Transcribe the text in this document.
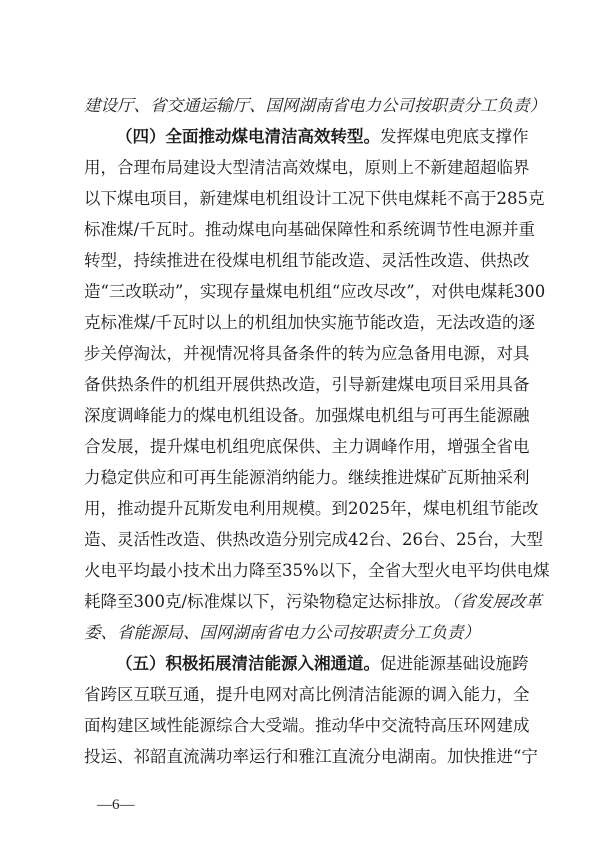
建设厅、省交通运输厅、国网湖南省电力公司按职责分工负责）
（四）全面推动煤电清洁高效转型。发挥煤电兜底支撑作
用，合理布局建设大型清洁高效煤电，原则上不新建超超临界
以下煤电项目，新建煤电机组设计工况下供电煤耗不高于285克
标准煤/千瓦时。推动煤电向基础保障性和系统调节性电源并重
转型，持续推进在役煤电机组节能改造、灵活性改造、供热改
造“三改联动”，实现存量煤电机组“应改尽改”，对供电煤耗300
克标准煤/千瓦时以上的机组加快实施节能改造，无法改造的逐
步关停淘汰，并视情况将具备条件的转为应急备用电源，对具
备供热条件的机组开展供热改造，引导新建煤电项目采用具备
深度调峰能力的煤电机组设备。加强煤电机组与可再生能源融
合发展，提升煤电机组兜底保供、主力调峰作用，增强全省电
力稳定供应和可再生能源消纳能力。继续推进煤矿瓦斯抽采利
用，推动提升瓦斯发电利用规模。到2025年，煤电机组节能改
造、灵活性改造、供热改造分别完成42台、26台、25台，大型
火电平均最小技术出力降至35%以下，全省大型火电平均供电煤
耗降至300克/标准煤以下，污染物稳定达标排放。（省发展改革
委、省能源局、国网湖南省电力公司按职责分工负责）
（五）积极拓展清洁能源入湘通道。促进能源基础设施跨
省跨区互联互通，提升电网对高比例清洁能源的调入能力，全
面构建区域性能源综合大受端。推动华中交流特高压环网建成
投运、祁韶直流满功率运行和雅江直流分电湖南。加快推进“宁
—6—
